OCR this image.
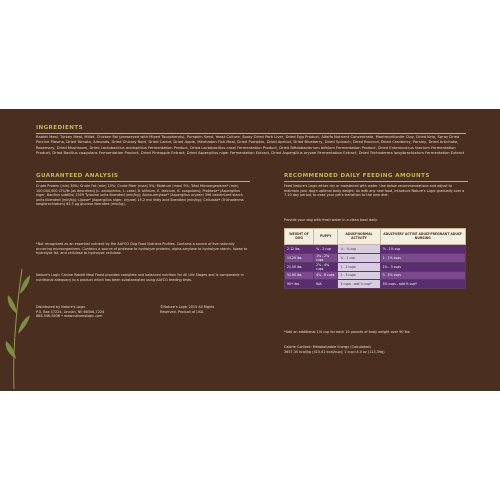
INGREDIENTS
Rabbit Meal, Turkey Meal, Millet, Chicken Fat (preserved with Mixed Tocopherols), Pumpkin Seed, Yeast Culture, Spray Dried Pork Liver, Dried Egg Product, Alfalfa Nutrient Concentrate, Montmorillonite Clay, Dried Kelp, Spray Dried Porcine Plasma, Dried Tomato, Almonds, Dried Chicory Root, Dried Carrot, Dried Apple, Menhaden Fish Meal, Dried Pumpkin, Dried Apricot, Dried Blueberry, Dried Spinach, Dried Broccoli, Dried Cranberry, Parsley, Dried Artichoke, Rosemary, Dried Mushroom, Dried Lactobacillus acidophilus Fermentation Product, Dried Lactobacillus casei Fermentation Product, Dried Bifidobacterium bifidum Fermentation Product, Dried Enterococcus faecium Fermentation Product, Dried Bacillus coagulans Fermentation Product, Dried Pineapple Extract, Dried Aspergillus niger Fermentation Extract, Dried Aspergillus oryzae Fermentation Extract, Dried Trichoderma longibrachiatum Fermentation Extract
GUARANTEED ANALYSIS
Crude Protein (min) 36%; Crude Fat (min) 15%; Crude Fiber (max) 5%; Moisture (max) 9%; Total Microorganisms* (min) 100,000,000 CFU/lb (as described) (L. acidophilus, L. casei, B. bifidum, E. faecium, B. coagulans); Protease* (Aspergillus niger, Bacillus subtilis) 1559 Tyrosine units liberated (min/kg); Alpha-amylase* (Aspergillus oryzae) 396 dextrinized starch units liberated (min/kg); Lipase* (Aspergillus niger, oryzae) 19.2 mcl fatty acid liberated (min/kg); Cellulase* (Trichoderma longibrachiatum) 82.5 µg glucose liberated (min/kg).
*Not recognized as an essential nutrient by the AAFCO Dog Food Nutrient Profiles. Contains a source of live naturally occurring microorganisms. Contains a source of protease to hydrolyze proteins, alpha-amylase to hydrolyze starch, lipase to hydrolyze fat, and cellulase to hydrolyze cellulose.
Nature's Logic Canine Rabbit Meal Feast provides complete and balanced nutrition for All Life Stages and is comparable in nutritional adequacy to a product which has been substantiated using AAFCO feeding tests.
Distributed by Nature's Logic
P.O. Box 47224, Lincoln, NE 68506-7224
888-546-5636 • www.natureslogic.com
©Nature's Logic 2015 All Rights
Reserved. Product of USA.
RECOMMENDED DAILY FEEDING AMOUNTS
Feed Nature's Logic either dry or moistened with water. Use below recommendations and adjust to maintain your dog's optimal body weight. As with any new food, introduce Nature's Logic gradually over a 7-10 day period, to ease your pet's transition to the new diet.
Provide your dog with fresh water in a clean bowl daily.
*Add an additional 1/4 cup for each 10 pounds of body weight over 90 lbs.
Calorie Content: Metabolizable Energy (Calculated)
3657.35 kcal/kg (415.41 kcal/cup); 1 cup=4.0 oz (113.39g)
WEIGHT OF DOG	PUPPY	ADULT-NORMAL ACTIVITY	ADULT-VERY ACTIVE ADULT-PREGNANT ADULT-NURSING
2-12 lbs.	¾ - 2 cup	⅓ - ¾ cup	⅝ - 1⅛ cup
13-20 lbs.	1¼ - 2⅝ cups	¾ - 1 cup	1 - 1⅜ cups
21-50 lbs.	2⅝ - 4¾ cups	1 - 2 cups	1⅜ - 3 cups
51-90 lbs.	4¾ - 6 cups	2 - 3 cups	3 - 5⅛ cups
90+ lbs.	N/A	3 cups - add ¼ cup*	5⅛ cups - add ⅜ cup*
